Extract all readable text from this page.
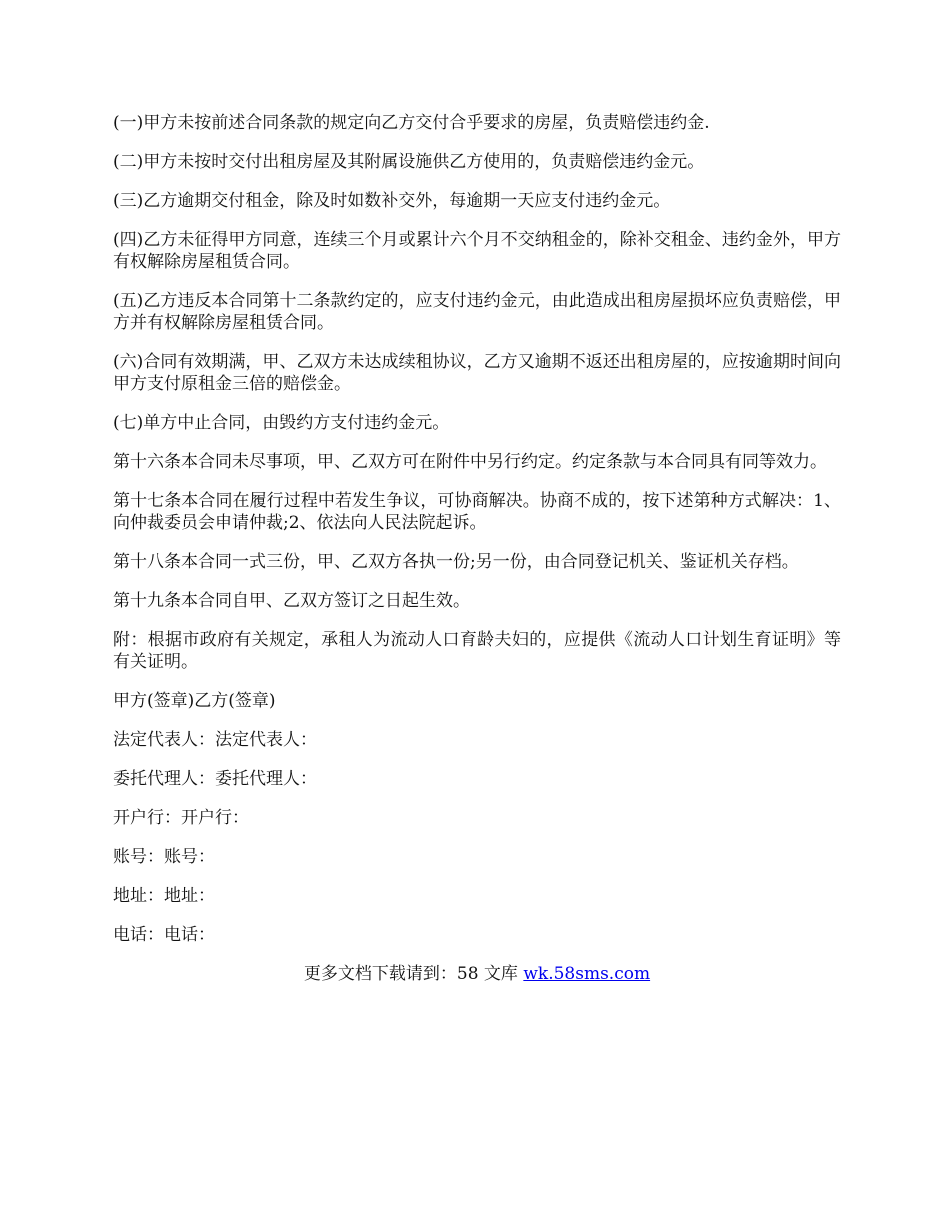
(一)甲方未按前述合同条款的规定向乙方交付合乎要求的房屋，负责赔偿违约金.

(二)甲方未按时交付出租房屋及其附属设施供乙方使用的，负责赔偿违约金元。

(三)乙方逾期交付租金，除及时如数补交外，每逾期一天应支付违约金元。

(四)乙方未征得甲方同意，连续三个月或累计六个月不交纳租金的，除补交租金、违约金外，甲方有权解除房屋租赁合同。

(五)乙方违反本合同第十二条款约定的，应支付违约金元，由此造成出租房屋损坏应负责赔偿，甲方并有权解除房屋租赁合同。

(六)合同有效期满，甲、乙双方未达成续租协议，乙方又逾期不返还出租房屋的，应按逾期时间向甲方支付原租金三倍的赔偿金。

(七)单方中止合同，由毁约方支付违约金元。

第十六条本合同未尽事项，甲、乙双方可在附件中另行约定。约定条款与本合同具有同等效力。

第十七条本合同在履行过程中若发生争议，可协商解决。协商不成的，按下述第种方式解决：1、向仲裁委员会申请仲裁;2、依法向人民法院起诉。

第十八条本合同一式三份，甲、乙双方各执一份;另一份，由合同登记机关、鉴证机关存档。

第十九条本合同自甲、乙双方签订之日起生效。

附：根据市政府有关规定，承租人为流动人口育龄夫妇的，应提供《流动人口计划生育证明》等有关证明。

甲方(签章)乙方(签章)

法定代表人：法定代表人：

委托代理人：委托代理人：

开户行：开户行：

账号：账号：

地址：地址：

电话：电话：

更多文档下载请到：58 文库 wk.58sms.com
